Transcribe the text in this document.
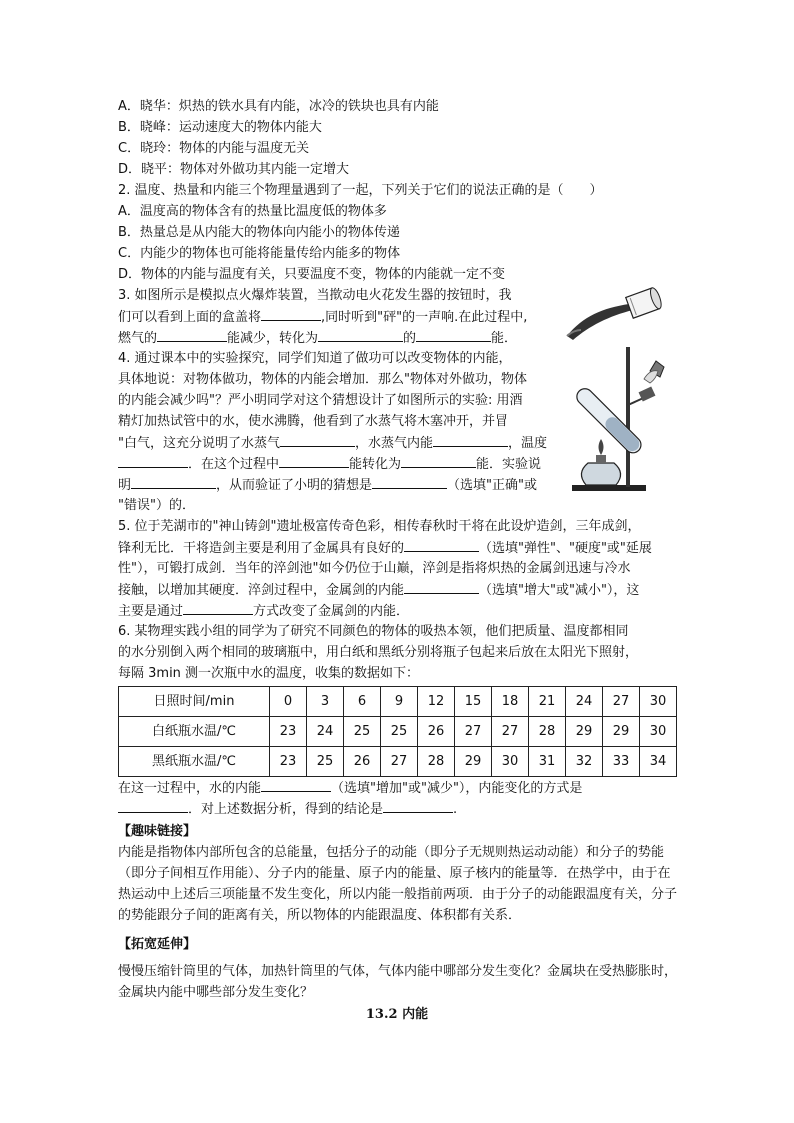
A．晓华：炽热的铁水具有内能，冰冷的铁块也具有内能
B．晓峰：运动速度大的物体内能大
C．晓玲：物体的内能与温度无关
D．晓平：物体对外做功其内能一定增大
2. 温度、热量和内能三个物理量遇到了一起，下列关于它们的说法正确的是（　　）
A．温度高的物体含有的热量比温度低的物体多
B．热量总是从内能大的物体向内能小的物体传递
C．内能少的物体也可能将能量传给内能多的物体
D．物体的内能与温度有关，只要温度不变，物体的内能就一定不变
3. 如图所示是模拟点火爆炸装置，当揿动电火花发生器的按钮时，我
们可以看到上面的盒盖将	,同时听到"砰"的一声响.在此过程中,
燃气的	能减少，转化为	的	能．
4. 通过课本中的实验探究，同学们知道了做功可以改变物体的内能，
具体地说：对物体做功，物体的内能会增加．那么"物体对外做功，物体
的内能会减少吗"？严小明同学对这个猜想设计了如图所示的实验: 用酒
精灯加热试管中的水，使水沸腾，他看到了水蒸气将木塞冲开，并冒
"白气，这充分说明了水蒸气	，水蒸气内能	，温度
．在这个过程中	能转化为	能．实验说
明	，从而验证了小明的猜想是	（选填"正确"或
"错误"）的．
5. 位于芜湖市的"神山铸剑"遗址极富传奇色彩，相传春秋时干将在此设炉造剑，三年成剑，
锋利无比．干将造剑主要是利用了金属具有良好的	（选填"弹性"、"硬度"或"延展
性"），可锻打成剑．当年的淬剑池"如今仍位于山巅，淬剑是指将炽热的金属剑迅速与冷水
接触，以增加其硬度．淬剑过程中，金属剑的内能	（选填"增大"或"减小"），这
主要是通过	方式改变了金属剑的内能．
6. 某物理实践小组的同学为了研究不同颜色的物体的吸热本领，他们把质量、温度都相同
的水分别倒入两个相同的玻璃瓶中，用白纸和黑纸分别将瓶子包起来后放在太阳光下照射，
每隔 3min 测一次瓶中水的温度，收集的数据如下：
日照时间/min	0	3	6	9	12	15	18	21	24	27	30
白纸瓶水温/℃	23	24	25	25	26	27	27	28	29	29	30
黑纸瓶水温/℃	23	25	26	27	28	29	30	31	32	33	34
在这一过程中，水的内能	（选填"增加"或"减少"），内能变化的方式是
．对上述数据分析，得到的结论是	.
【趣味链接】
内能是指物体内部所包含的总能量，包括分子的动能（即分子无规则热运动动能）和分子的势能（即分子间相互作用能）、分子内的能量、原子内的能量、原子核内的能量等．在热学中，由于在热运动中上述后三项能量不发生变化，所以内能一般指前两项．由于分子的动能跟温度有关，分子的势能跟分子间的距离有关，所以物体的内能跟温度、体积都有关系．
【拓宽延伸】
慢慢压缩针筒里的气体，加热针筒里的气体，气体内能中哪部分发生变化？金属块在受热膨胀时，金属块内能中哪些部分发生变化？
13.2 内能
